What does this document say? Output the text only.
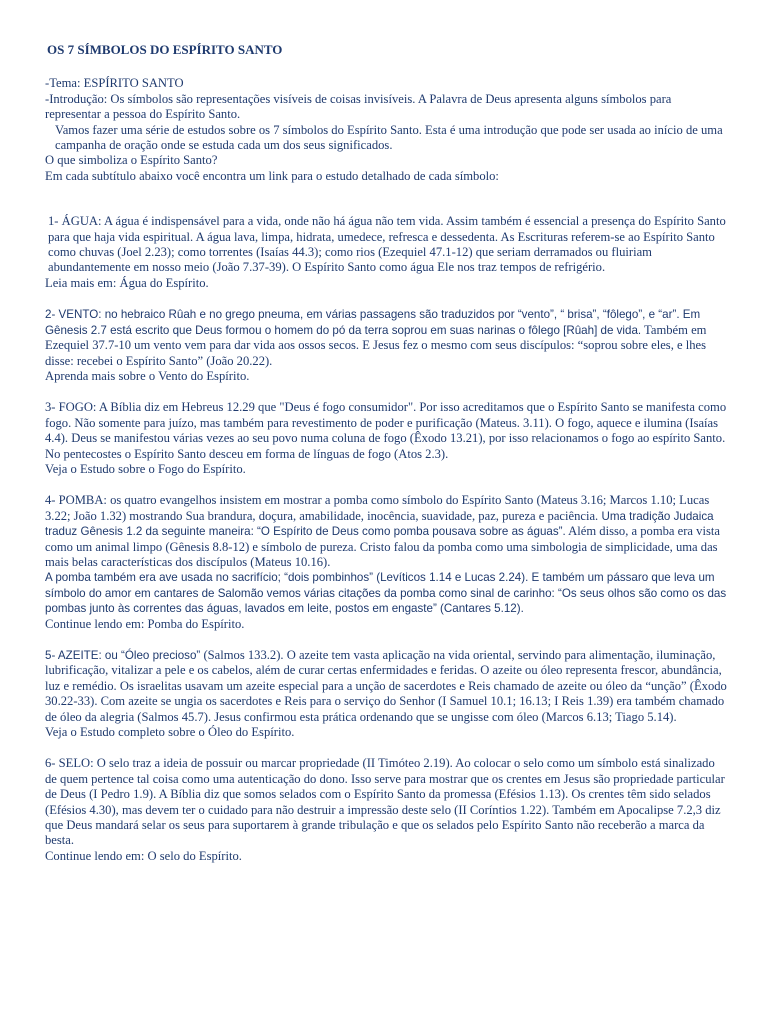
OS 7 SÍMBOLOS DO ESPÍRITO SANTO

-Tema: ESPÍRITO SANTO

-Introdução: Os símbolos são representações visíveis de coisas invisíveis. A Palavra de Deus apresenta alguns símbolos para representar a pessoa do Espírito Santo.

Vamos fazer uma série de estudos sobre os 7 símbolos do Espírito Santo. Esta é uma introdução que pode ser usada ao início de uma campanha de oração onde se estuda cada um dos seus significados.

O que simboliza o Espírito Santo?

Em cada subtítulo abaixo você encontra um link para o estudo detalhado de cada símbolo:

1- ÁGUA: A água é indispensável para a vida, onde não há água não tem vida. Assim também é essencial a presença do Espírito Santo para que haja vida espiritual. A água lava, limpa, hidrata, umedece, refresca e dessedenta. As Escrituras referem-se ao Espírito Santo como chuvas (Joel 2.23); como torrentes (Isaías 44.3); como rios (Ezequiel 47.1-12) que seriam derramados ou fluiriam abundantemente em nosso meio (João 7.37-39). O Espírito Santo como água Ele nos traz tempos de refrigério.

Leia mais em: Água do Espírito.

2- VENTO: no hebraico Rûah e no grego pneuma, em várias passagens são traduzidos por “vento”, “ brisa”, “fôlego”, e “ar”. Em Gênesis 2.7 está escrito que Deus formou o homem do pó da terra soprou em suas narinas o fôlego [Rûah] de vida. Também em Ezequiel 37.7-10 um vento vem para dar vida aos ossos secos. E Jesus fez o mesmo com seus discípulos: “soprou sobre eles, e lhes disse: recebei o Espírito Santo” (João 20.22).

Aprenda mais sobre o Vento do Espírito.

3- FOGO: A Bíblia diz em Hebreus 12.29 que "Deus é fogo consumidor". Por isso acreditamos que o Espírito Santo se manifesta como fogo. Não somente para juízo, mas também para revestimento de poder e purificação (Mateus. 3.11). O fogo, aquece e ilumina (Isaías 4.4). Deus se manifestou várias vezes ao seu povo numa coluna de fogo (Êxodo 13.21), por isso relacionamos o fogo ao espírito Santo. No pentecostes o Espírito Santo desceu em forma de línguas de fogo (Atos 2.3).

Veja o Estudo sobre o Fogo do Espírito.

4- POMBA: os quatro evangelhos insistem em mostrar a pomba como símbolo do Espírito Santo (Mateus 3.16; Marcos 1.10; Lucas 3.22; João 1.32) mostrando Sua brandura, doçura, amabilidade, inocência, suavidade, paz, pureza e paciência. Uma tradição Judaica traduz Gênesis 1.2 da seguinte maneira: “O Espírito de Deus como pomba pousava sobre as águas”. Além disso, a pomba era vista como um animal limpo (Gênesis 8.8-12) e símbolo de pureza. Cristo falou da pomba como uma simbologia de simplicidade, uma das mais belas características dos discípulos (Mateus 10.16).

A pomba também era ave usada no sacrifício; “dois pombinhos” (Levíticos 1.14 e Lucas 2.24). E também um pássaro que leva um símbolo do amor em cantares de Salomão vemos várias citações da pomba como sinal de carinho: “Os seus olhos são como os das pombas junto às correntes das águas, lavados em leite, postos em engaste” (Cantares 5.12).

Continue lendo em: Pomba do Espírito.

5- AZEITE: ou “Óleo precioso” (Salmos 133.2). O azeite tem vasta aplicação na vida oriental, servindo para alimentação, iluminação, lubrificação, vitalizar a pele e os cabelos, além de curar certas enfermidades e feridas. O azeite ou óleo representa frescor, abundância, luz e remédio. Os israelitas usavam um azeite especial para a unção de sacerdotes e Reis chamado de azeite ou óleo da “unção” (Êxodo 30.22-33). Com azeite se ungia os sacerdotes e Reis para o serviço do Senhor (I Samuel 10.1; 16.13; I Reis 1.39) era também chamado de óleo da alegria (Salmos 45.7). Jesus confirmou esta prática ordenando que se ungisse com óleo (Marcos 6.13; Tiago 5.14).

Veja o Estudo completo sobre o Óleo do Espírito.

6- SELO: O selo traz a ideia de possuir ou marcar propriedade (II Timóteo 2.19). Ao colocar o selo como um símbolo está sinalizado de quem pertence tal coisa como uma autenticação do dono. Isso serve para mostrar que os crentes em Jesus são propriedade particular de Deus (I Pedro 1.9). A Bíblia diz que somos selados com o Espírito Santo da promessa (Efésios 1.13). Os crentes têm sido selados (Efésios 4.30), mas devem ter o cuidado para não destruir a impressão deste selo (II Coríntios 1.22). Também em Apocalipse 7.2,3 diz que Deus mandará selar os seus para suportarem à grande tribulação e que os selados pelo Espírito Santo não receberão a marca da besta.

Continue lendo em: O selo do Espírito.
